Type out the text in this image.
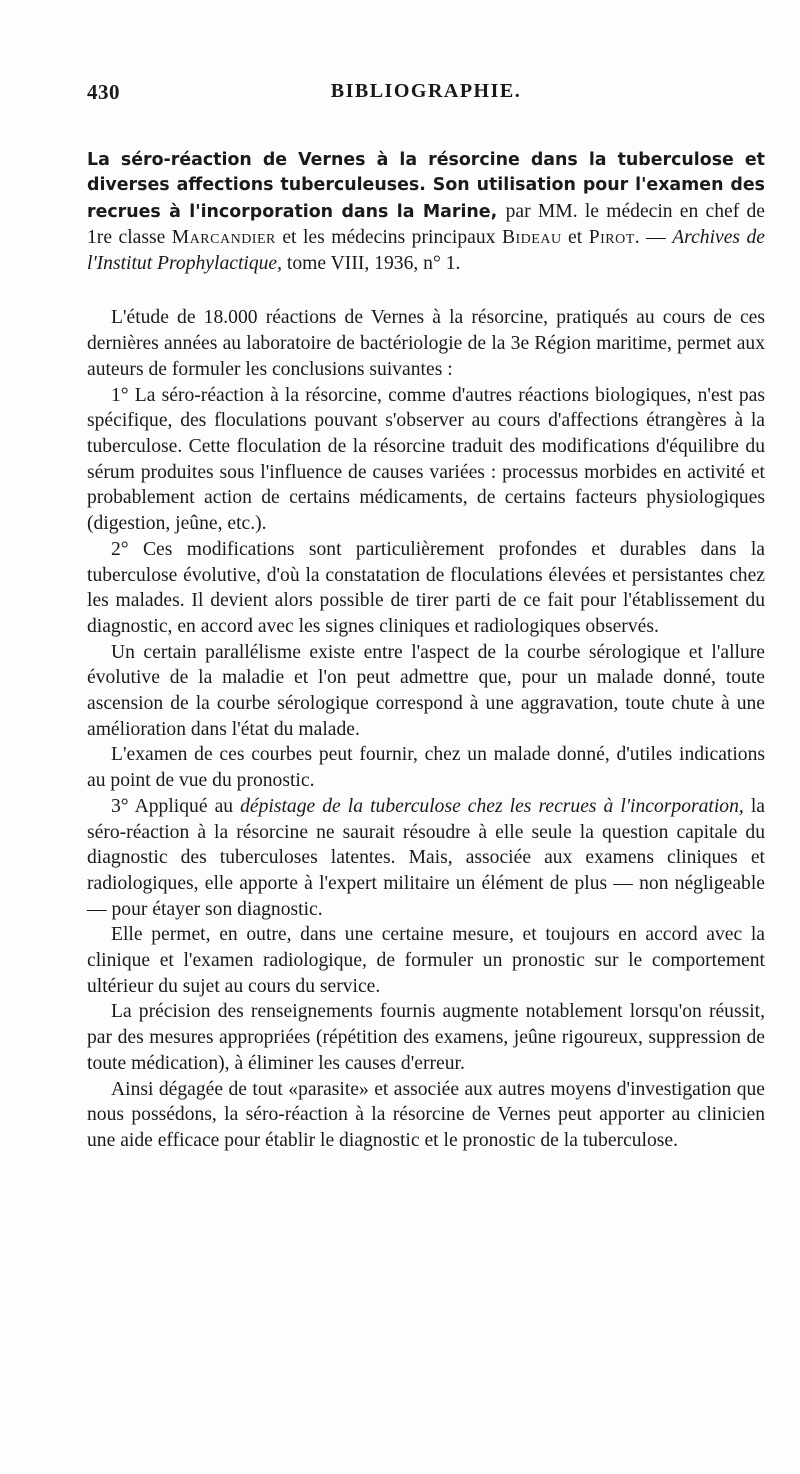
430	BIBLIOGRAPHIE.

La séro-réaction de Vernes à la résorcine dans la tuberculose et diverses affections tuberculeuses. Son utilisation pour l'examen des recrues à l'incorporation dans la Marine, par MM. le médecin en chef de 1re classe Marcandier et les médecins principaux Bideau et Pirot. — Archives de l'Institut Prophylactique, tome VIII, 1936, n° 1.

L'étude de 18.000 réactions de Vernes à la résorcine, pratiqués au cours de ces dernières années au laboratoire de bactériologie de la 3e Région maritime, permet aux auteurs de formuler les conclusions suivantes :

1° La séro-réaction à la résorcine, comme d'autres réactions biologiques, n'est pas spécifique, des floculations pouvant s'observer au cours d'affections étrangères à la tuberculose. Cette floculation de la résorcine traduit des modifications d'équilibre du sérum produites sous l'influence de causes variées : processus morbides en activité et probablement action de certains médicaments, de certains facteurs physiologiques (digestion, jeûne, etc.).

2° Ces modifications sont particulièrement profondes et durables dans la tuberculose évolutive, d'où la constatation de floculations élevées et persistantes chez les malades. Il devient alors possible de tirer parti de ce fait pour l'établissement du diagnostic, en accord avec les signes cliniques et radiologiques observés.

Un certain parallélisme existe entre l'aspect de la courbe sérologique et l'allure évolutive de la maladie et l'on peut admettre que, pour un malade donné, toute ascension de la courbe sérologique correspond à une aggravation, toute chute à une amélioration dans l'état du malade.

L'examen de ces courbes peut fournir, chez un malade donné, d'utiles indications au point de vue du pronostic.

3° Appliqué au dépistage de la tuberculose chez les recrues à l'incorporation, la séro-réaction à la résorcine ne saurait résoudre à elle seule la question capitale du diagnostic des tuberculoses latentes. Mais, associée aux examens cliniques et radiologiques, elle apporte à l'expert militaire un élément de plus — non négligeable — pour étayer son diagnostic.

Elle permet, en outre, dans une certaine mesure, et toujours en accord avec la clinique et l'examen radiologique, de formuler un pronostic sur le comportement ultérieur du sujet au cours du service.

La précision des renseignements fournis augmente notablement lorsqu'on réussit, par des mesures appropriées (répétition des examens, jeûne rigoureux, suppression de toute médication), à éliminer les causes d'erreur.

Ainsi dégagée de tout «parasite» et associée aux autres moyens d'investigation que nous possédons, la séro-réaction à la résorcine de Vernes peut apporter au clinicien une aide efficace pour établir le diagnostic et le pronostic de la tuberculose.
